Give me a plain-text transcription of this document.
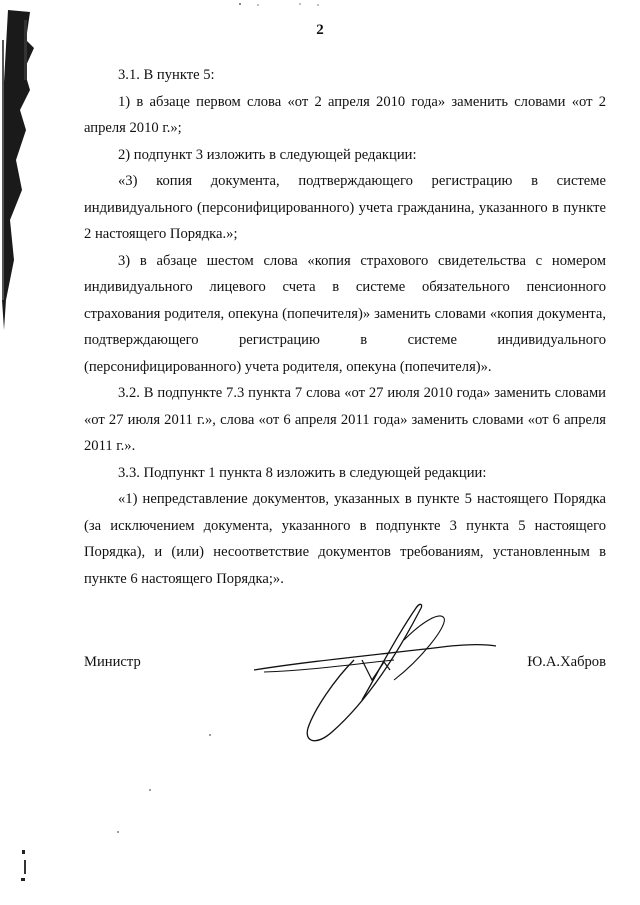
2

3.1. В пункте 5:

1) в абзаце первом слова «от 2 апреля 2010 года» заменить словами «от 2 апреля 2010 г.»;

2) подпункт 3 изложить в следующей редакции:

«3) копия документа, подтверждающего регистрацию в системе индивидуального (персонифицированного) учета гражданина, указанного в пункте 2 настоящего Порядка.»;

3) в абзаце шестом слова «копия страхового свидетельства с номером индивидуального лицевого счета в системе обязательного пенсионного страхования родителя, опекуна (попечителя)» заменить словами «копия документа, подтверждающего регистрацию в системе индивидуального (персонифицированного) учета родителя, опекуна (попечителя)».

3.2. В подпункте 7.3 пункта 7 слова «от 27 июля 2010 года» заменить словами «от 27 июля 2011 г.», слова «от 6 апреля 2011 года» заменить словами «от 6 апреля 2011 г.».

3.3. Подпункт 1 пункта 8 изложить в следующей редакции:

«1) непредставление документов, указанных в пункте 5 настоящего Порядка (за исключением документа, указанного в подпункте 3 пункта 5 настоящего Порядка), и (или) несоответствие документов требованиям, установленным в пункте 6 настоящего Порядка;».

Министр	Ю.А.Хабров
